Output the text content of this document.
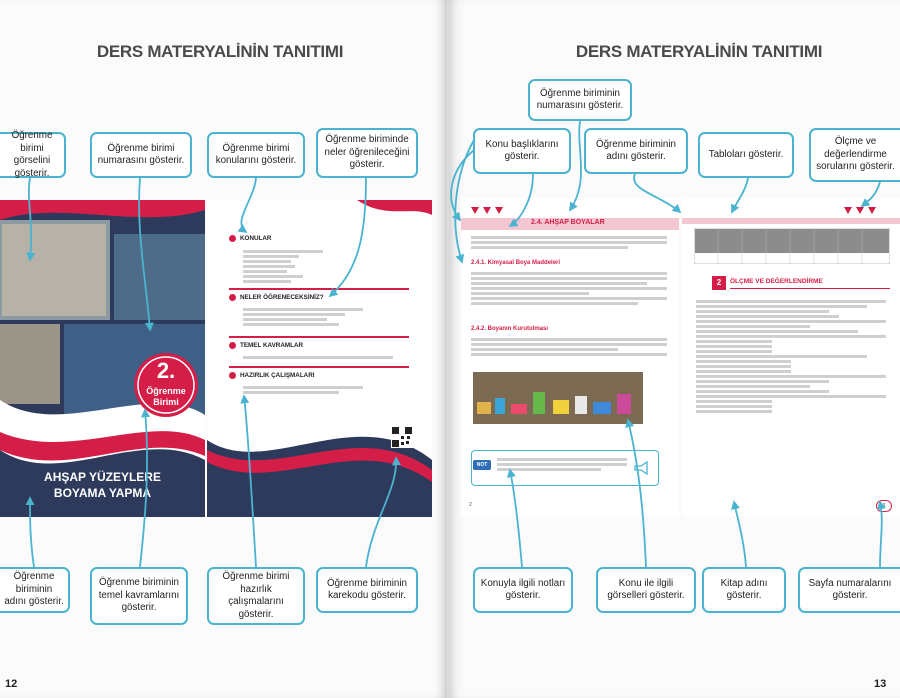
DERS MATERYALİNİN TANITIMI
Öğrenme birimi görselini gösterir.
Öğrenme birimi numarasını gösterir.
Öğrenme birimi konularını gösterir.
Öğrenme biriminde neler öğrenileceğini gösterir.
2.
Öğrenme
Birimi
AHŞAP YÜZEYLERE
BOYAMA YAPMA
KONULAR
NELER ÖĞRENECEKSİNİZ?
TEMEL KAVRAMLAR
HAZIRLIK ÇALIŞMALARI
Öğrenme biriminin adını gösterir.
Öğrenme biriminin temel kavramlarını gösterir.
Öğrenme birimi hazırlık çalışmalarını gösterir.
Öğrenme biriminin karekodu gösterir.
12
DERS MATERYALİNİN TANITIMI
Öğrenme biriminin numarasını gösterir.
Konu başlıklarını gösterir.
Öğrenme biriminin adını gösterir.	Tabloları gösterir.
Ölçme ve değerlendirme sorularını gösterir.
2.4. AHŞAP BOYALAR
2.4.1. Kimyasal Boya Maddeleri
2.4.2. Boyanın Kurutulması
NOT
2
2	ÖLÇME VE DEĞERLENDİRME
3
Konuyla ilgili notları gösterir.
Konu ile ilgili görselleri gösterir.
Kitap adını gösterir.
Sayfa numaralarını gösterir.
13
